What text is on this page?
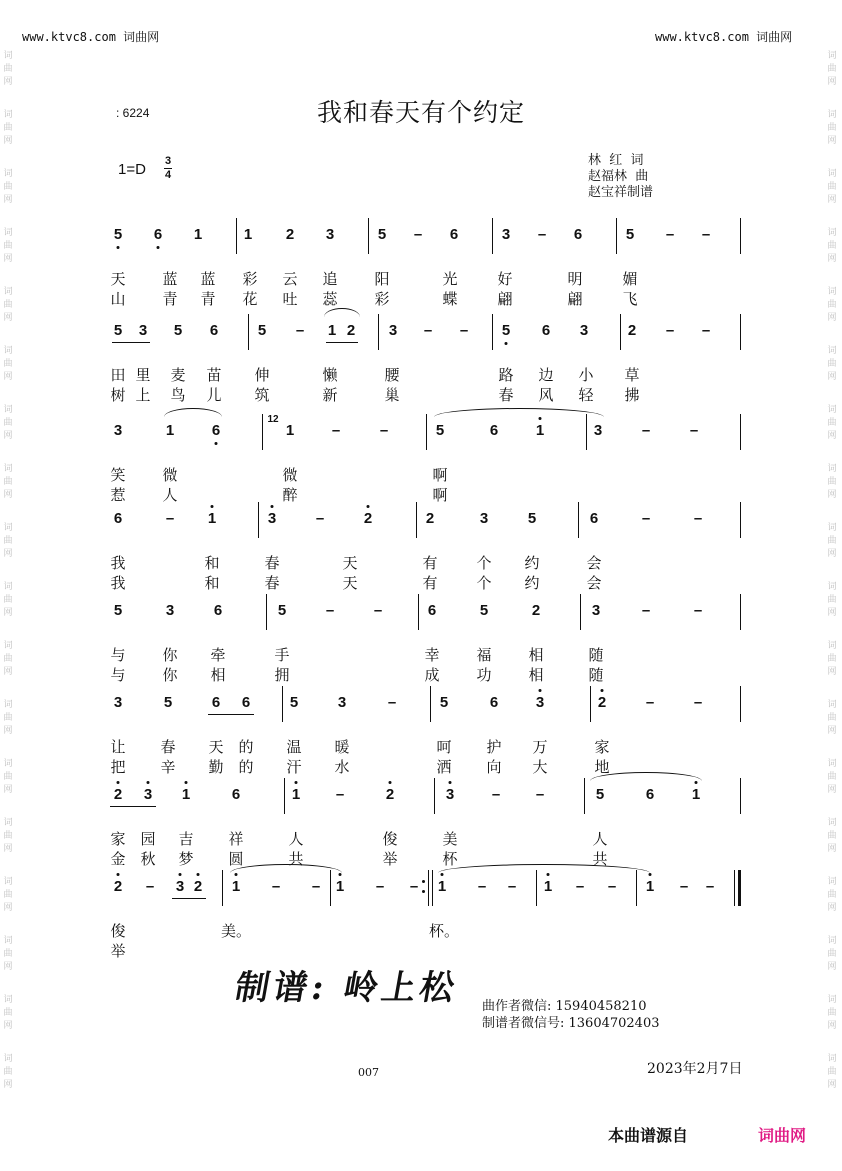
词
曲
网
词
曲
网
词
曲
网
词
曲
网
词
曲
网
词
曲
网
词
曲
网
词
曲
网
词
曲
网
词
曲
网
词
曲
网
词
曲
网
词
曲
网
词
曲
网
词
曲
网
词
曲
网
词
曲
网
词
曲
网
词
曲
网
词
曲
网
词
曲
网
词
曲
网
词
曲
网
词
曲
网
词
曲
网
词
曲
网
词
曲
网
词
曲
网
词
曲
网
词
曲
网
词
曲
网
词
曲
网
词
曲
网
词
曲
网
词
曲
网
词
曲
网
www.ktvc8.com 词曲网	www.ktvc8.com 词曲网
: 6224	我和春天有个约定
1=D 3
4
林  红  词
赵福林  曲
赵宝祥制谱
5 6 1	1 2 3	5 – 6	3 – 6	5 – –
天 蓝 蓝 彩 云 追 阳	光	好	明	媚
山 青 青 花 吐 蕊 彩	蝶	翩	翩	飞
5 3 5 6	5 – 1 2 3 – – 5 6 3	2 – –
田 里 麦 苗 伸	懒	腰	路 边 小 草
树 上 鸟 儿 筑	新	巢	春 风 轻 拂
3	1	6
12
1	–	–	5	6	1	3	–	–
笑 微	微	啊
惹 人	醉	啊
6	– 1	3	–	2	2	3	5	6	–	–
我	和	春	天	有	个 约	会
我	和	春	天	有	个 约	会
5	3	6	5	–	–	6	5	2	3	–	–
与 你 牵	手	幸 福 相	随
与 你 相	拥	成 功 相	随
3	5	6 6	5	3	–	5	6	3	2	–	–
让 春 天 的 温 暖	呵 护 万	家
把 辛 勤 的 汗 水	洒 向 大	地
2 3 1	6	1 –	2	3	– –	5	6	1
家 园 吉 祥	人	俊	美	人
金 秋 梦 圆	共	举	杯	共
2 – 3 2 1 – – 1 – – 1 – – 1 – – 1 – –
俊	美。	杯。
举
制谱: 岭上松 曲作者微信: 15940458210
制谱者微信号: 13604702403
007	2023年2月7日
本曲谱源自	词曲网
